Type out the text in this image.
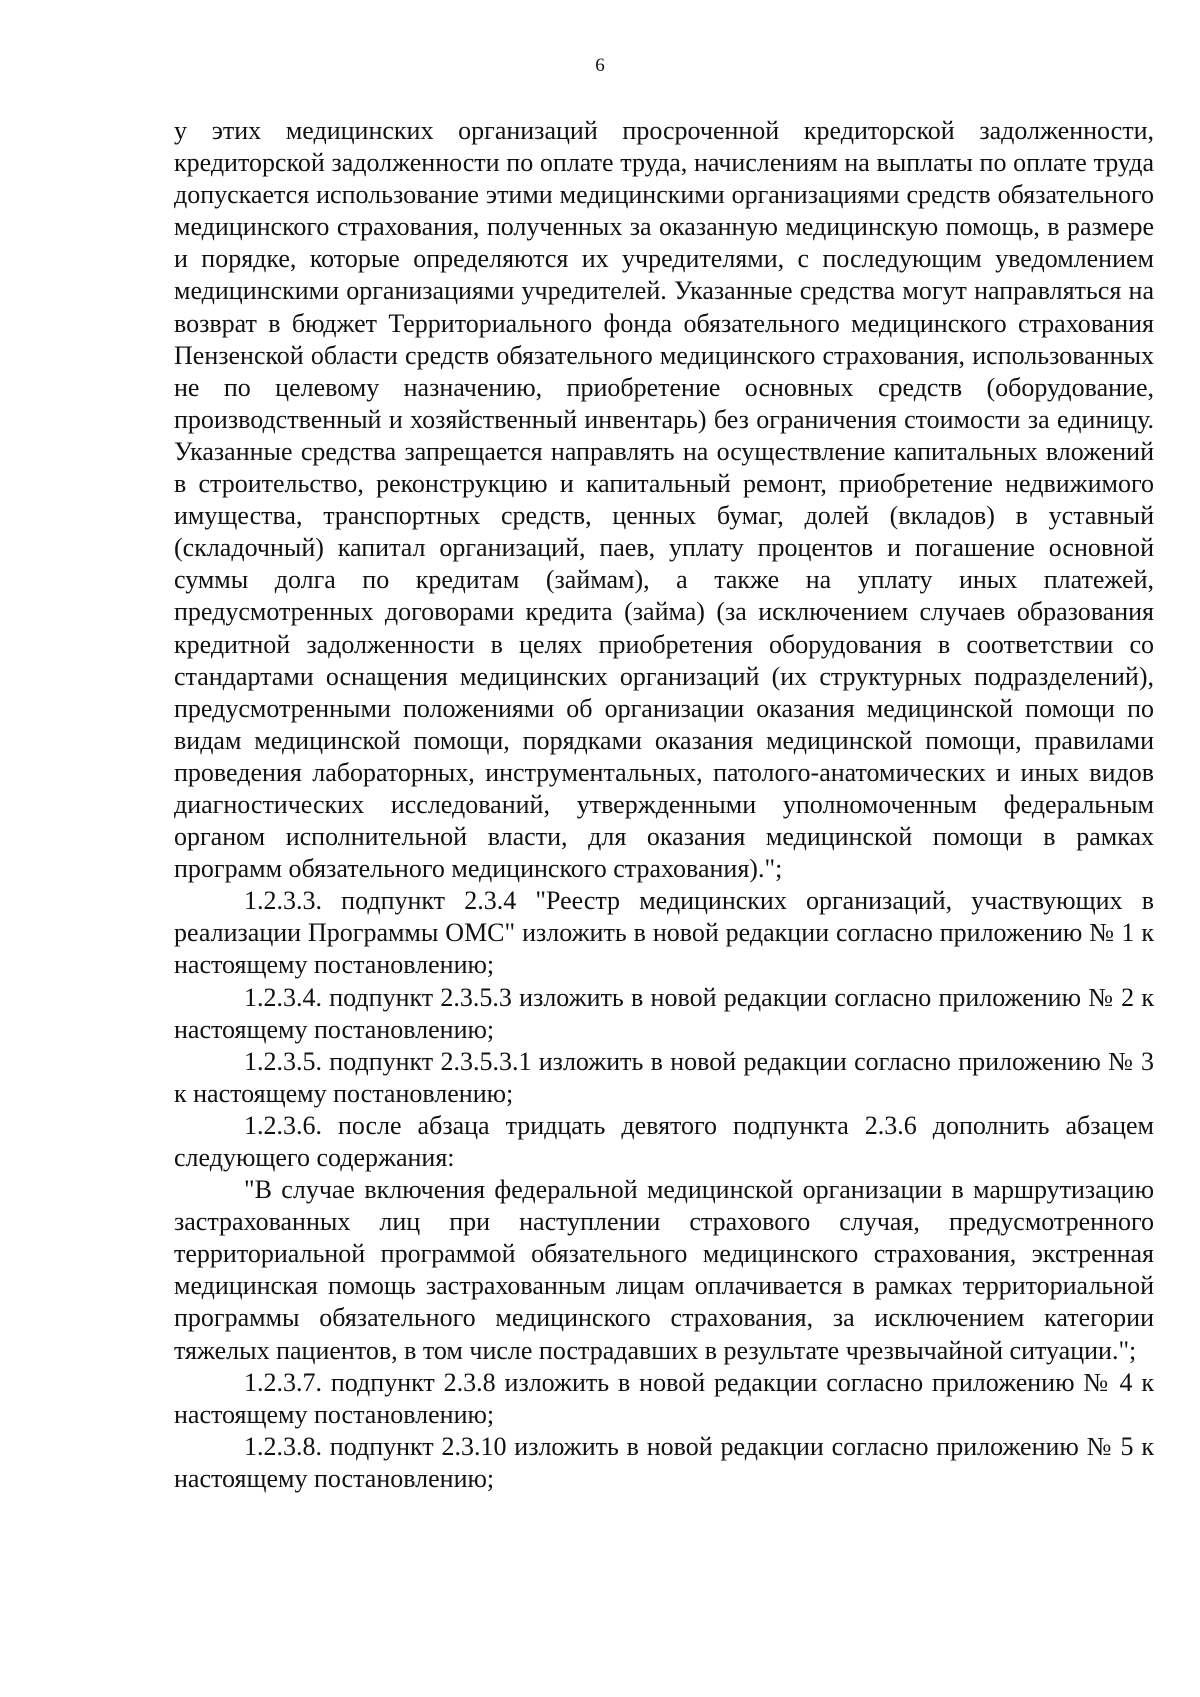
6

у этих медицинских организаций просроченной кредиторской задолженности, кредиторской задолженности по оплате труда, начислениям на выплаты по оплате труда допускается использование этими медицинскими организациями средств обязательного медицинского страхования, полученных за оказанную медицинскую помощь, в размере и порядке, которые определяются их учредителями, с последующим уведомлением медицинскими организациями учредителей. Указанные средства могут направляться на возврат в бюджет Территориального фонда обязательного медицинского страхования Пензенской области средств обязательного медицинского страхования, использованных не по целевому назначению, приобретение основных средств (оборудование, производственный и хозяйственный инвентарь) без ограничения стоимости за единицу. Указанные средства запрещается направлять на осуществление капитальных вложений в строительство, реконструкцию и капитальный ремонт, приобретение недвижимого имущества, транспортных средств, ценных бумаг, долей (вкладов) в уставный (складочный) капитал организаций, паев, уплату процентов и погашение основной суммы долга по кредитам (займам), а также на уплату иных платежей, предусмотренных договорами кредита (займа) (за исключением случаев образования кредитной задолженности в целях приобретения оборудования в соответствии со стандартами оснащения медицинских организаций (их структурных подразделений), предусмотренными положениями об организации оказания медицинской помощи по видам медицинской помощи, порядками оказания медицинской помощи, правилами проведения лабораторных, инструментальных, патолого-анатомических и иных видов диагностических исследований, утвержденными уполномоченным федеральным органом исполнительной власти, для оказания медицинской помощи в рамках программ обязательного медицинского страхования).";

1.2.3.3. подпункт 2.3.4 "Реестр медицинских организаций, участвующих в реализации Программы ОМС" изложить в новой редакции согласно приложению № 1 к настоящему постановлению;

1.2.3.4. подпункт 2.3.5.3 изложить в новой редакции согласно приложению № 2 к настоящему постановлению;

1.2.3.5. подпункт 2.3.5.3.1 изложить в новой редакции согласно приложению № 3 к настоящему постановлению;

1.2.3.6. после абзаца тридцать девятого подпункта 2.3.6 дополнить абзацем следующего содержания:

"В случае включения федеральной медицинской организации в маршрутизацию застрахованных лиц при наступлении страхового случая, предусмотренного территориальной программой обязательного медицинского страхования, экстренная медицинская помощь застрахованным лицам оплачивается в рамках территориальной программы обязательного медицинского страхования, за исключением категории тяжелых пациентов, в том числе пострадавших в результате чрезвычайной ситуации.";

1.2.3.7. подпункт 2.3.8 изложить в новой редакции согласно приложению № 4 к настоящему постановлению;

1.2.3.8. подпункт 2.3.10 изложить в новой редакции согласно приложению № 5 к настоящему постановлению;
